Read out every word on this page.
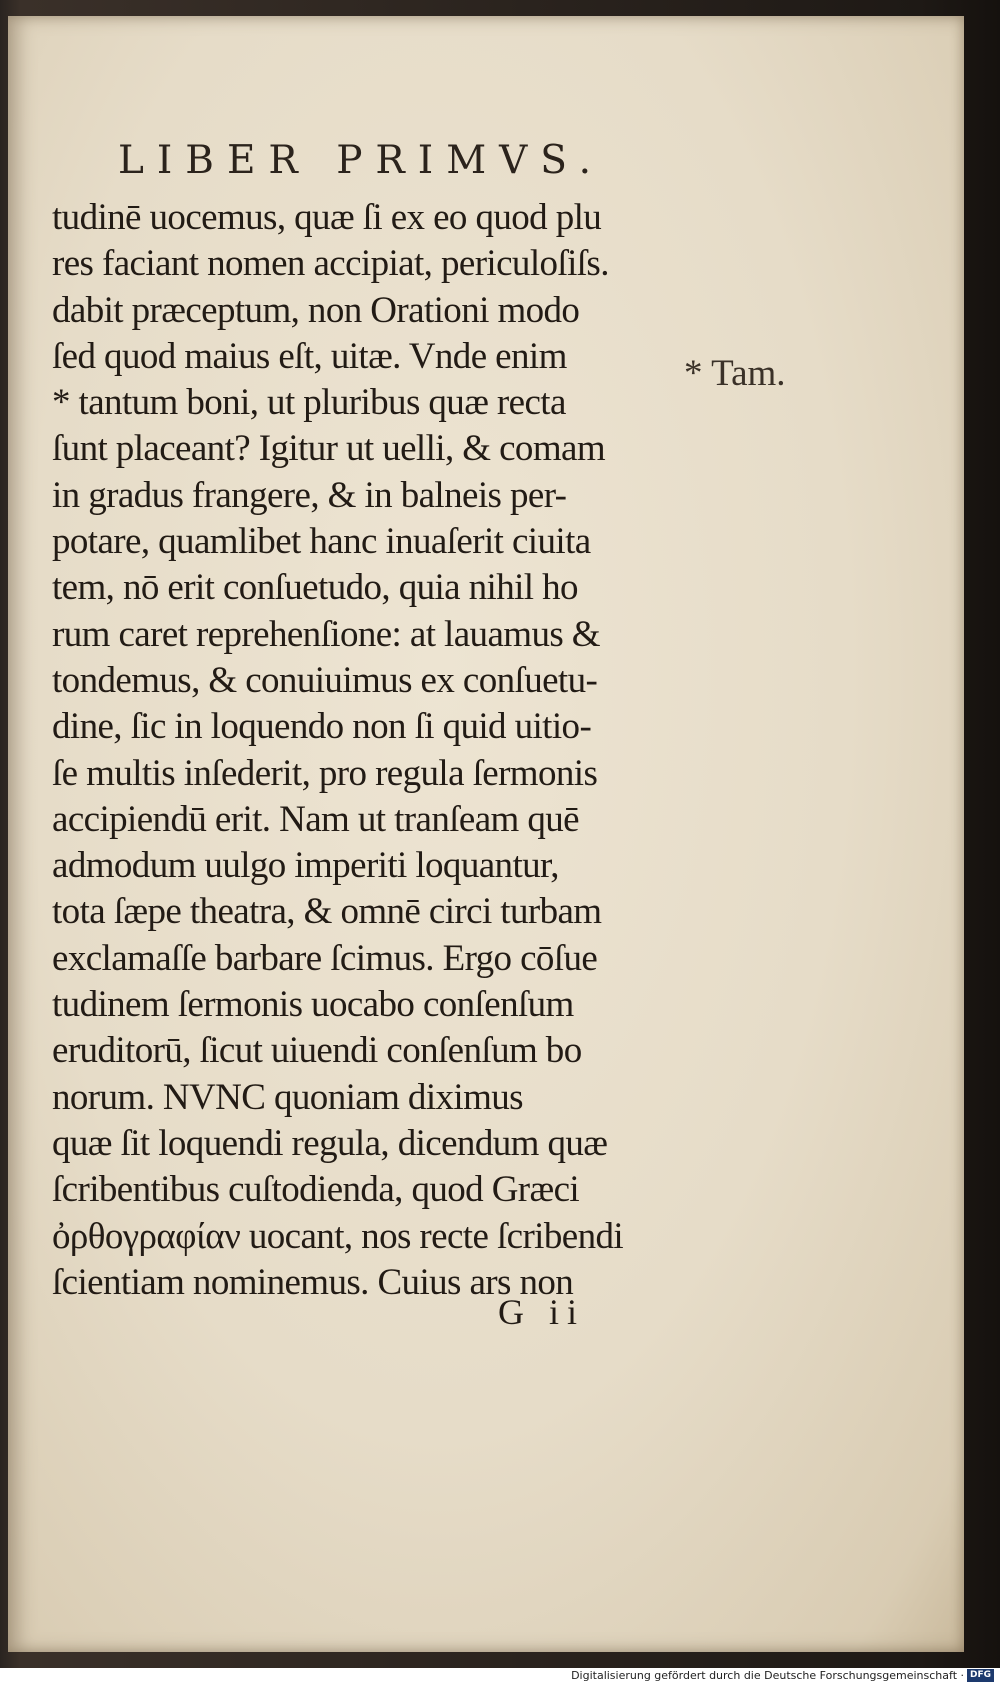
LIBER PRIMVS.
tudinē uocemus, quæ ſi ex eo quod plu
res faciant nomen accipiat, periculoſiſs.
dabit præceptum, non Orationi modo
ſed quod maius eſt, uitæ. Vnde enim
* tantum boni, ut pluribus quæ recta
ſunt placeant? Igitur ut uelli, & comam
in gradus frangere, & in balneis per-
potare, quamlibet hanc inuaſerit ciuita
tem, nō erit conſuetudo, quia nihil ho
rum caret reprehenſione: at lauamus &
tondemus, & conuiuimus ex conſuetu-
dine, ſic in loquendo non ſi quid uitio-
ſe multis inſederit, pro regula ſermonis
accipiendū erit. Nam ut tranſeam quē
admodum uulgo imperiti loquantur,
tota ſæpe theatra, & omnē circi turbam
exclamaſſe barbare ſcimus. Ergo cōſue
tudinem ſermonis uocabo conſenſum
eruditorū, ſicut uiuendi conſenſum bo
norum. NVNC quoniam diximus
quæ ſit loquendi regula, dicendum quæ
ſcribentibus cuſtodienda, quod Græci
ὀρθογραφίαν uocant, nos recte ſcribendi
ſcientiam nominemus. Cuius ars non
* Tam.
G ii
Digitalisierung gefördert durch die Deutsche Forschungsgemeinschaft · DFG
